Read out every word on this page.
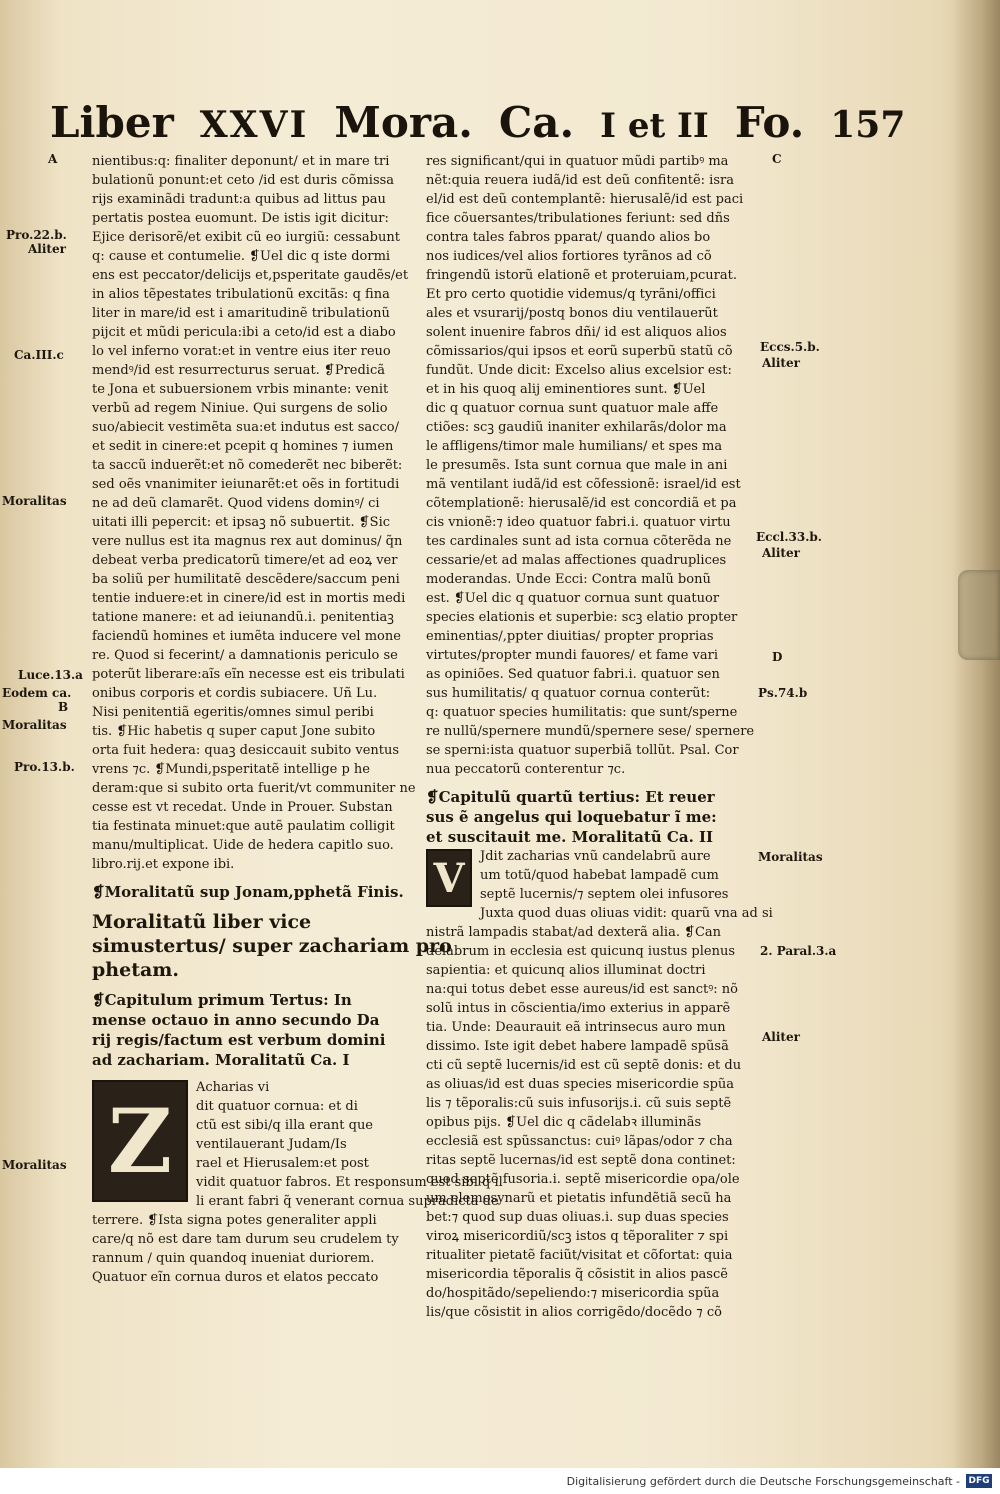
Liber XXVI Mora. Ca. I et II Fo. 157
nientibus:q: finaliter deponunt/ et in mare tri
bulationũ ponunt:et ceto /id est duris cõmissa
rijs examinãdi tradunt:a quibus ad littus pau
pertatis postea euomunt. De istis igit dicitur:
Ejice derisorẽ/et exibit cũ eo iurgiũ: cessabunt
q: cause et contumelie. ❡Uel dic q iste dormi
ens est peccator/delicijs et,psperitate gaudẽs/et
in alios tẽpestates tribulationũ excitãs: q fina
liter in mare/id est i amaritudinẽ tribulationũ
pijcit et mũdi pericula:ibi a ceto/id est a diabo
lo vel inferno vorat:et in ventre eius iter reuo
mendꝰ/id est resurrecturus seruat. ❡Predicã
te Jona et subuersionem vrbis minante: venit
verbũ ad regem Niniue. Qui surgens de solio
suo/abiecit vestimẽta sua:et indutus est sacco/
et sedit in cinere:et pcepit q homines ⁊ iumen
ta saccũ induerẽt:et nõ comederẽt nec biberẽt:
sed oẽs vnanimiter ieiunarẽt:et oẽs in fortitudi
ne ad deũ clamarẽt. Quod videns dominꝰ/ ci
uitati illi pepercit: et ipsaꝫ nõ subuertit. ❡Sic
vere nullus est ita magnus rex aut dominus/ q̃n
debeat verba predicatorũ timere/et ad eoꝝ ver
ba soliũ per humilitatẽ descẽdere/saccum peni
tentie induere:et in cinere/id est in mortis medi
tatione manere: et ad ieiunandũ.i. penitentiaꝫ
faciendũ homines et iumẽta inducere vel mone
re. Quod si fecerint/ a damnationis periculo se
poterũt liberare:aĩs eĩn necesse est eis tribulati
onibus corporis et cordis subiacere. Uñ Lu.
Nisi penitentiã egeritis/omnes simul peribi
tis. ❡Hic habetis q super caput Jone subito
orta fuit hedera: quaꝫ desiccauit subito ventus
vrens ⁊c. ❡Mundi,psperitatẽ intellige p he
deram:que si subito orta fuerit/vt communiter ne
cesse est vt recedat. Unde in Prouer. Substan
tia festinata minuet:que autẽ paulatim colligit
manu/multiplicat. Uide de hedera capitlo suo.
libro.rij.et expone ibi.
❡Moralitatũ sup Jonam,pphetã Finis.
Moralitatũ liber vice
simustertus/ super zachariam pro
phetam.
❡Capitulum primum Tertus: In
mense octauo in anno secundo Da
rij regis/factum est verbum domini
ad zachariam. Moralitatũ Ca. I
Z
Acharias vi
dit quatuor cornua: et di
ctũ est sibi/q illa erant que
ventilauerant Judam/Is
rael et Hierusalem:et post
vidit quatuor fabros. Et responsum est sibi q il
li erant fabri q̃ venerant cornua supradicta de
terrere. ❡Ista signa potes generaliter appli
care/q nõ est dare tam durum seu crudelem ty
rannum / quin quandoq inueniat duriorem.
Quatuor eĩn cornua duros et elatos peccato
res significant/qui in quatuor mũdi partibꝰ ma
nẽt:quia reuera iudã/id est deũ confitentẽ: isra
el/id est deũ contemplantẽ: hierusalẽ/id est paci
fice cõuersantes/tribulationes feriunt: sed dñs
contra tales fabros pparat/ quando alios bo
nos iudices/vel alios fortiores tyrãnos ad cõ
fringendũ istorũ elationẽ et proteruiam,pcurat.
Et pro certo quotidie videmus/q tyrãni/offici
ales et vsurarij/postq bonos diu ventilauerũt
solent inuenire fabros dñi/ id est aliquos alios
cõmissarios/qui ipsos et eorũ superbũ statũ cõ
fundũt. Unde dicit: Excelso alius excelsior est:
et in his quoq alij eminentiores sunt. ❡Uel
dic q quatuor cornua sunt quatuor male affe
ctiões: scꝫ gaudiũ inaniter exhilarãs/dolor ma
le affligens/timor male humilians/ et spes ma
le presumẽs. Ista sunt cornua que male in ani
mã ventilant iudã/id est cõfessionẽ: israel/id est
cõtemplationẽ: hierusalẽ/id est concordiã et pa
cis vnionẽ:⁊ ideo quatuor fabri.i. quatuor virtu
tes cardinales sunt ad ista cornua cõterẽda ne
cessarie/et ad malas affectiones quadruplices
moderandas. Unde Ecci: Contra malũ bonũ
est. ❡Uel dic q quatuor cornua sunt quatuor
species elationis et superbie: scꝫ elatio propter
eminentias/,ppter diuitias/ propter proprias
virtutes/propter mundi fauores/ et fame vari
as opiniões. Sed quatuor fabri.i. quatuor sen
sus humilitatis/ q quatuor cornua conterũt:
q: quatuor species humilitatis: que sunt/sperne
re nullũ/spernere mundũ/spernere sese/ spernere
se sperni:ista quatuor superbiã tollũt. Psal. Cor
nua peccatorũ conterentur ⁊c.
❡Capitulũ quartũ tertius: Et reuer
sus ẽ angelus qui loquebatur ĩ me:
et suscitauit me. Moralitatũ Ca. II
V	Jdit zacharias vnũ candelabrũ aure
um totũ/quod habebat lampadẽ cum
septẽ lucernis/⁊ septem olei infusores
Juxta quod duas oliuas vidit: quarũ vna ad si
nistrã lampadis stabat/ad dexterã alia. ❡Can
delabrum in ecclesia est quicunq iustus plenus
sapientia: et quicunq alios illuminat doctri
na:qui totus debet esse aureus/id est sanctꝰ: nõ
solũ intus in cõscientia/imo exterius in apparẽ
tia. Unde: Deaurauit eã intrinsecus auro mun
dissimo. Iste igit debet habere lampadẽ spũsã
cti cũ septẽ lucernis/id est cũ septẽ donis: et du
as oliuas/id est duas species misericordie spũa
lis ⁊ tẽporalis:cũ suis infusorijs.i. cũ suis septẽ
opibus pijs. ❡Uel dic q cãdelabꝛ illuminãs
ecclesiã est spũssanctus: cuiꝰ lãpas/odor ⁊ cha
ritas septẽ lucernas/id est septẽ dona continet:
quod septẽ fusoria.i. septẽ misericordie opa/ole
um elemosynarũ et pietatis infundẽtiã secũ ha
bet:⁊ quod sup duas oliuas.i. sup duas species
viroꝝ misericordiũ/scꝫ istos q tẽporaliter ⁊ spi
ritualiter pietatẽ faciũt/visitat et cõfortat: quia
misericordia tẽporalis q̃ cõsistit in alios pascẽ
do/hospitãdo/sepeliendo:⁊ misericordia spũa
lis/que cõsistit in alios corrigẽdo/docẽdo ⁊ cõ
A
Pro.22.b.
Aliter
Ca.III.c
Moralitas
Luce.13.a
Eodem ca.
B
Moralitas
Pro.13.b.
Moralitas
C
Eccs.5.b.
Aliter
Eccl.33.b.
Aliter
D
Ps.74.b
Moralitas
2. Paral.3.a
Aliter
Digitalisierung gefördert durch die Deutsche Forschungsgemeinschaft - DFG
